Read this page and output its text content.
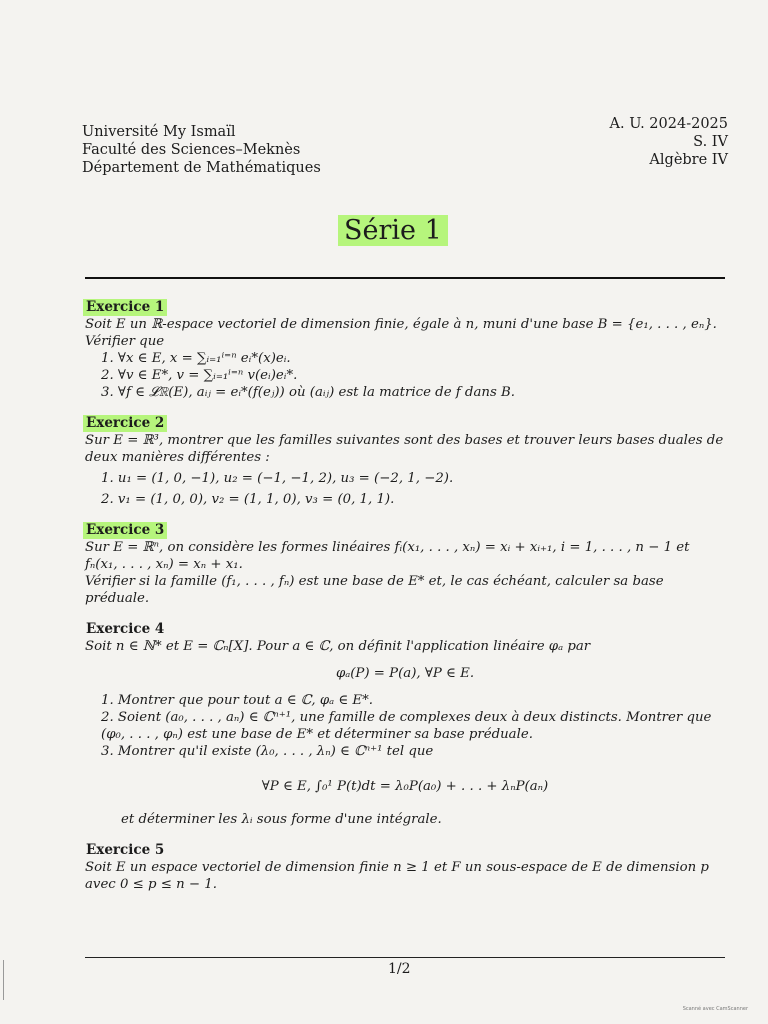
Université My Ismaïl
Faculté des Sciences–Meknès
Département de Mathématiques
A. U. 2024-2025
S. IV
Algèbre IV
Série 1
Exercice 1

Soit E un ℝ-espace vectoriel de dimension finie, égale à n, muni d'une base B = {e₁, . . . , eₙ}.

Vérifier que

1. ∀x ∈ E, x = ∑ᵢ₌₁ⁱ⁼ⁿ eᵢ*(x)eᵢ.

2. ∀v ∈ E*, v = ∑ᵢ₌₁ⁱ⁼ⁿ v(eᵢ)eᵢ*.

3. ∀f ∈ 𝓛ℝ(E), aᵢⱼ = eᵢ*(f(eⱼ)) où (aᵢⱼ) est la matrice de f dans B.

Exercice 2

Sur E = ℝ³, montrer que les familles suivantes sont des bases et trouver leurs bases duales de deux manières différentes :

1. u₁ = (1, 0, −1), u₂ = (−1, −1, 2), u₃ = (−2, 1, −2).

2. v₁ = (1, 0, 0), v₂ = (1, 1, 0), v₃ = (0, 1, 1).

Exercice 3

Sur E = ℝⁿ, on considère les formes linéaires fᵢ(x₁, . . . , xₙ) = xᵢ + xᵢ₊₁, i = 1, . . . , n − 1 et

fₙ(x₁, . . . , xₙ) = xₙ + x₁.

Vérifier si la famille (f₁, . . . , fₙ) est une base de E* et, le cas échéant, calculer sa base préduale.

Exercice 4

Soit n ∈ ℕ* et E = ℂₙ[X]. Pour a ∈ ℂ, on définit l'application linéaire φₐ par

φₐ(P) = P(a), ∀P ∈ E.

1. Montrer que pour tout a ∈ ℂ, φₐ ∈ E*.

2. Soient (a₀, . . . , aₙ) ∈ ℂⁿ⁺¹, une famille de complexes deux à deux distincts. Montrer que (φ₀, . . . , φₙ) est une base de E* et déterminer sa base préduale.

3. Montrer qu'il existe (λ₀, . . . , λₙ) ∈ ℂⁿ⁺¹ tel que

∀P ∈ E, ∫₀¹ P(t)dt = λ₀P(a₀) + . . . + λₙP(aₙ)

et déterminer les λᵢ sous forme d'une intégrale.

Exercice 5

Soit E un espace vectoriel de dimension finie n ≥ 1 et F un sous-espace de E de dimension p avec 0 ≤ p ≤ n − 1.

1/2
Scanné avec CamScanner
